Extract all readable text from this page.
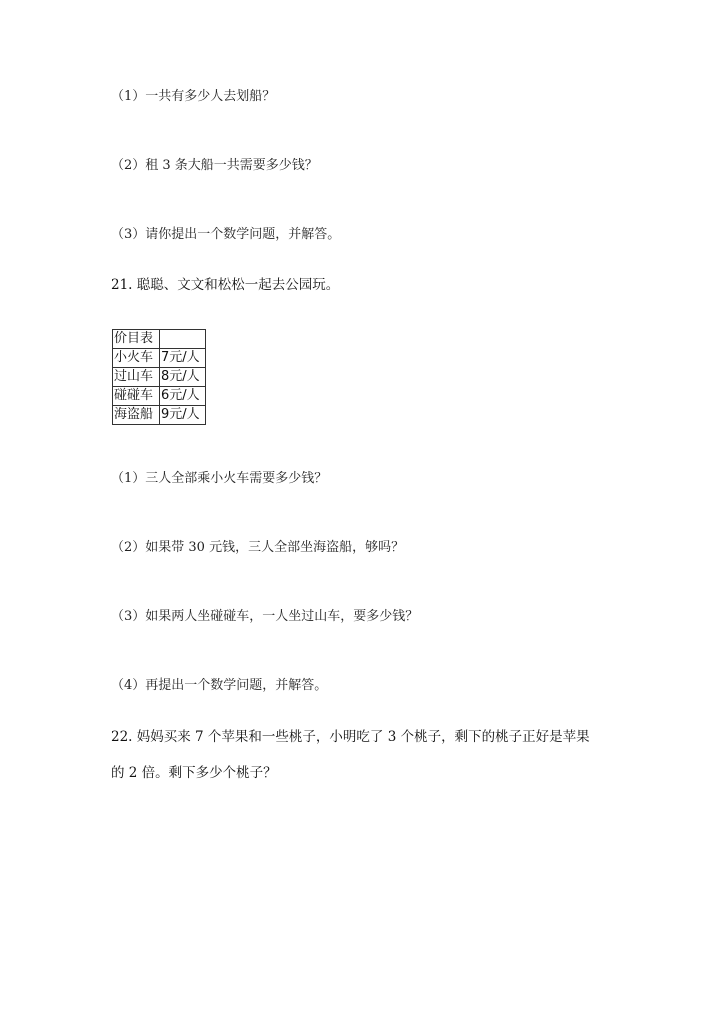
（1）一共有多少人去划船？
（2）租 3 条大船一共需要多少钱？
（3）请你提出一个数学问题，并解答。
21. 聪聪、文文和松松一起去公园玩。
价目表	
小火车	7元/人
过山车	8元/人
碰碰车	6元/人
海盗船	9元/人
（1）三人全部乘小火车需要多少钱？
（2）如果带 30 元钱，三人全部坐海盗船，够吗？
（3）如果两人坐碰碰车，一人坐过山车，要多少钱？
（4）再提出一个数学问题，并解答。
22. 妈妈买来 7 个苹果和一些桃子，小明吃了 3 个桃子，剩下的桃子正好是苹果
的 2 倍。剩下多少个桃子？
